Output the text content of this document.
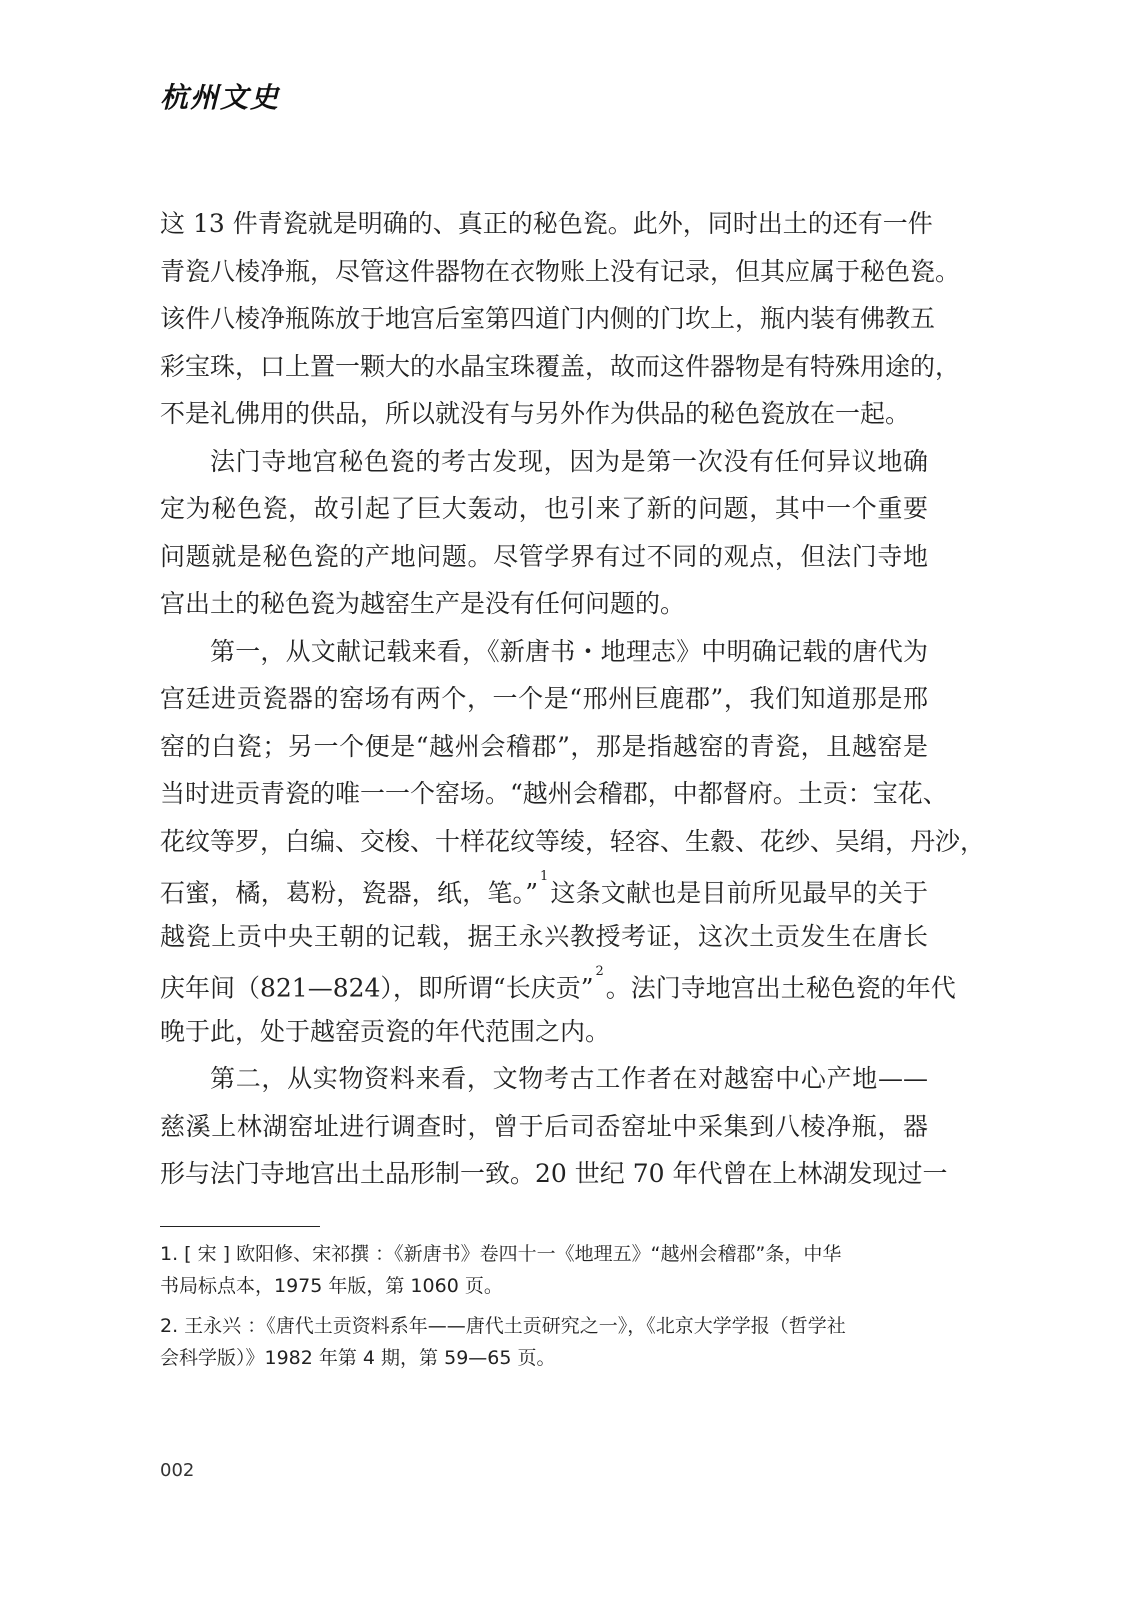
杭州文史
这 13 件青瓷就是明确的、真正的秘色瓷。此外，同时出土的还有一件
青瓷八棱净瓶，尽管这件器物在衣物账上没有记录，但其应属于秘色瓷。
该件八棱净瓶陈放于地宫后室第四道门内侧的门坎上，瓶内装有佛教五
彩宝珠，口上置一颗大的水晶宝珠覆盖，故而这件器物是有特殊用途的，
不是礼佛用的供品，所以就没有与另外作为供品的秘色瓷放在一起。
法门寺地宫秘色瓷的考古发现，因为是第一次没有任何异议地确
定为秘色瓷，故引起了巨大轰动，也引来了新的问题，其中一个重要
问题就是秘色瓷的产地问题。尽管学界有过不同的观点，但法门寺地
宫出土的秘色瓷为越窑生产是没有任何问题的。
第一，从文献记载来看，《新唐书・地理志》中明确记载的唐代为
宫廷进贡瓷器的窑场有两个，一个是“邢州巨鹿郡”，我们知道那是邢
窑的白瓷；另一个便是“越州会稽郡”，那是指越窑的青瓷，且越窑是
当时进贡青瓷的唯一一个窑场。“越州会稽郡，中都督府。土贡：宝花、
花纹等罗，白编、交梭、十样花纹等绫，轻容、生縠、花纱、吴绢，丹沙，
石蜜，橘，葛粉，瓷器，纸，笔。”$^1$这条文献也是目前所见最早的关于
越瓷上贡中央王朝的记载，据王永兴教授考证，这次土贡发生在唐长
庆年间（821—824），即所谓“长庆贡”$^2$。法门寺地宫出土秘色瓷的年代
晚于此，处于越窑贡瓷的年代范围之内。
第二，从实物资料来看，文物考古工作者在对越窑中心产地——
慈溪上林湖窑址进行调查时，曾于后司岙窑址中采集到八棱净瓶，器
形与法门寺地宫出土品形制一致。20 世纪 70 年代曾在上林湖发现过一
1. [ 宋 ] 欧阳修、宋祁撰 ：《新唐书》卷四十一《地理五》“越州会稽郡”条，中华
书局标点本，1975 年版，第 1060 页。
2. 王永兴 ：《唐代土贡资料系年——唐代土贡研究之一》，《北京大学学报（哲学社
会科学版）》1982 年第 4 期，第 59—65 页。
002
